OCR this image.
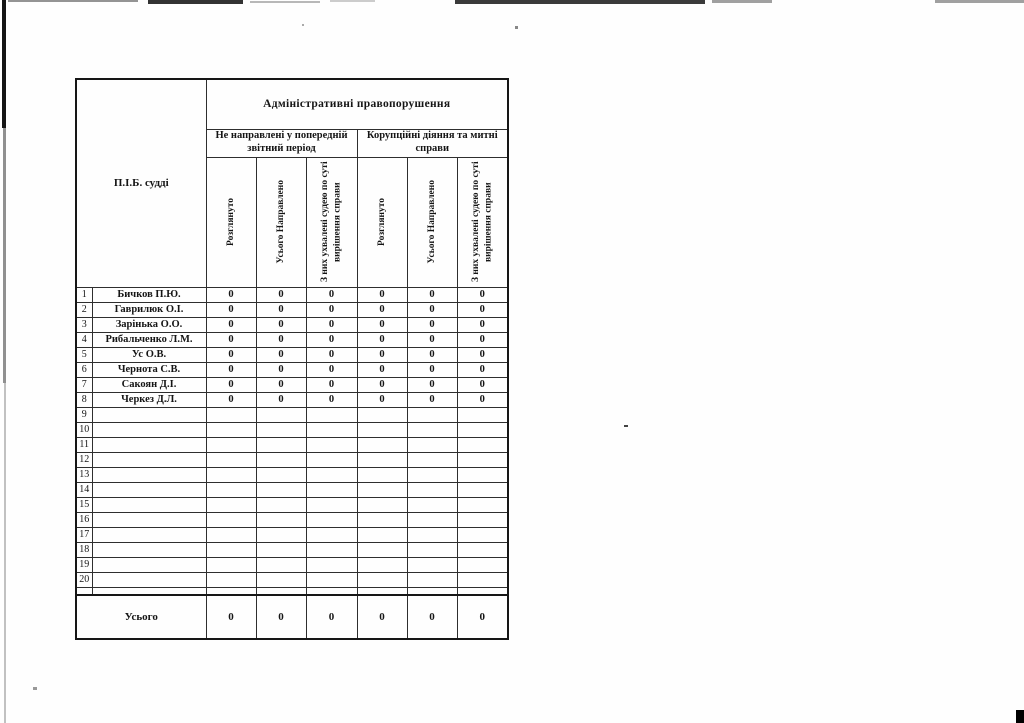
П.І.Б. судді		Адміністративні правопорушення					
		Не направлені у попередній звітний період			Корупційні діяння та митні справи		

		Розглянуто	Усього Направлено	З них ухвалені судею по суті вирішення справи	Розглянуто	Усього Направлено	З них ухвалені судею по суті вирішення справи

1	Бичков П.Ю.	0	0	0	0	0	0
2	Гаврилюк О.І.	0	0	0	0	0	0
3	Зарінька О.О.	0	0	0	0	0	0
4	Рибальченко Л.М.	0	0	0	0	0	0
5	Ус О.В.	0	0	0	0	0	0
6	Чернота С.В.	0	0	0	0	0	0
7	Сакоян Д.І.	0	0	0	0	0	0
8	Черкез Д.Л.	0	0	0	0	0	0
9							
10							
11							
12							
13							
14							
15							
16							
17							
18							
19							
20							

Усього		0	0	0	0	0	0
